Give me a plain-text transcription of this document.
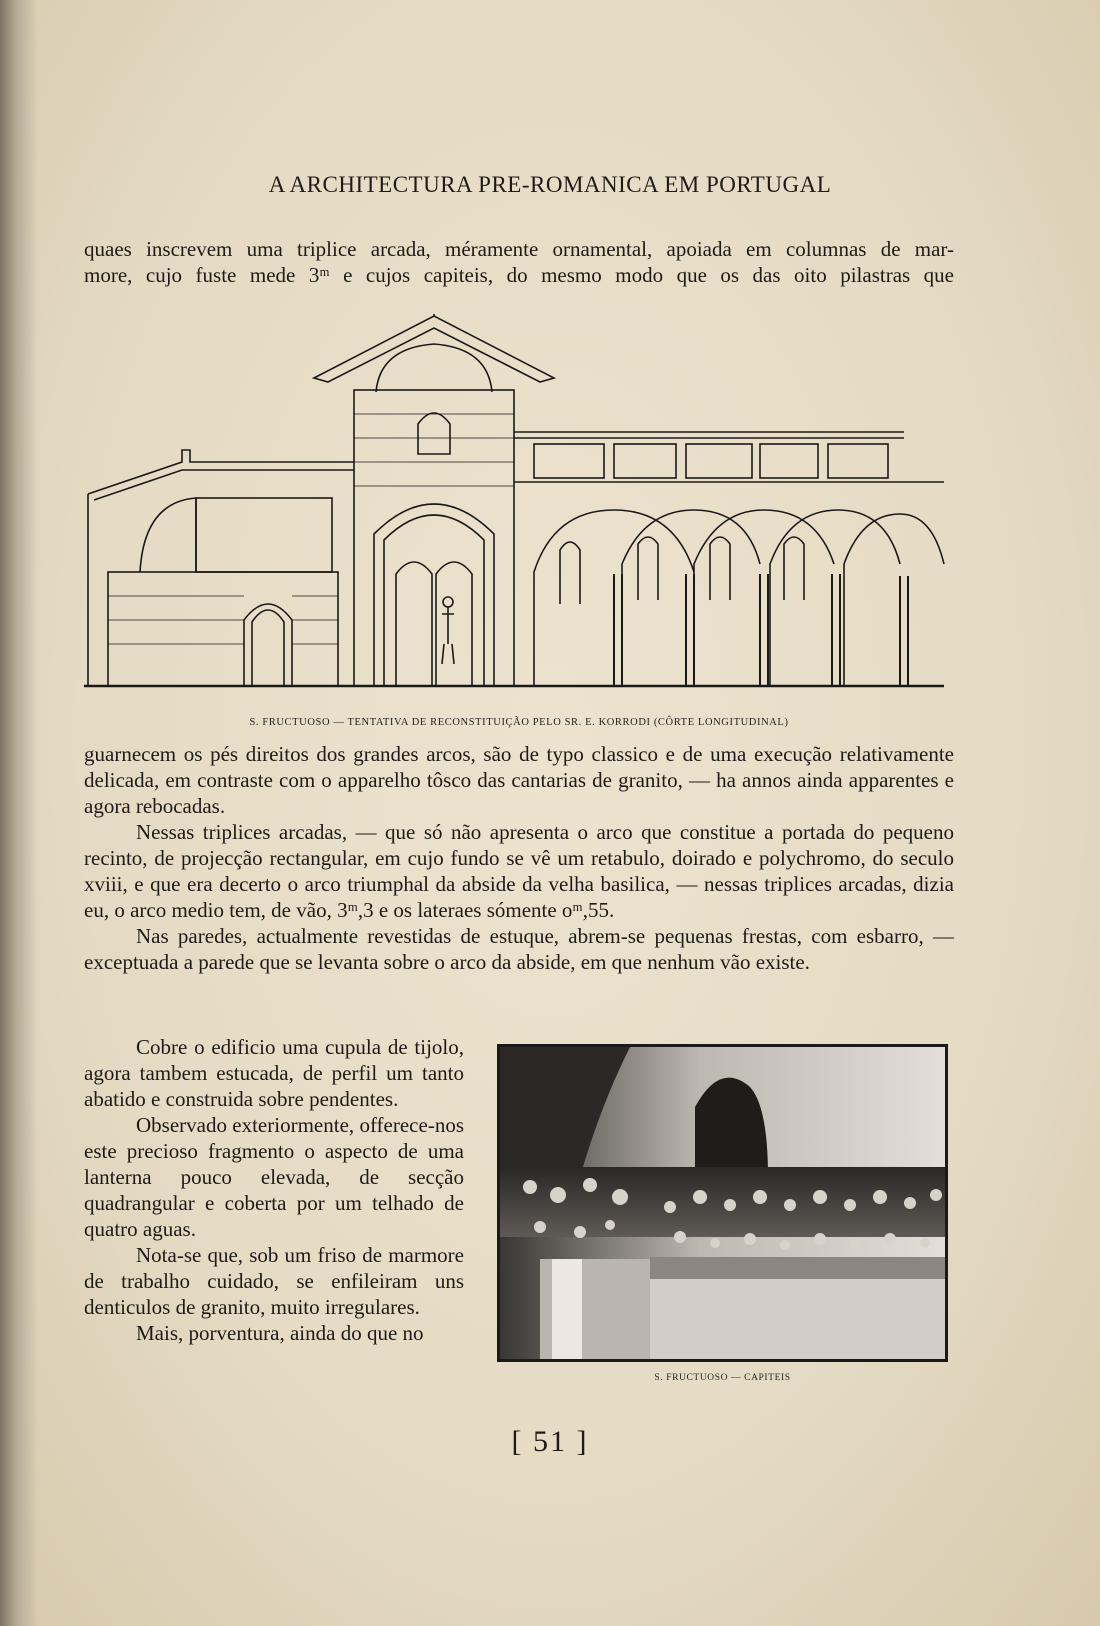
A ARCHITECTURA PRE-ROMANICA EM PORTUGAL

quaes inscrevem uma triplice arcada, méramente ornamental, apoiada em columnas de mar-

more, cujo fuste mede 3ᵐ e cujos capiteis, do mesmo modo que os das oito pilastras que

S. FRUCTUOSO — TENTATIVA DE RECONSTITUIÇÃO PELO SR. E. KORRODI (CÔRTE LONGITUDINAL)

guarnecem os pés direitos dos grandes arcos, são de typo classico e de uma execução relativamente delicada, em contraste com o apparelho tôsco das cantarias de granito, — ha annos ainda apparentes e agora rebocadas.

Nessas triplices arcadas, — que só não apresenta o arco que constitue a portada do pequeno recinto, de projecção rectangular, em cujo fundo se vê um retabulo, doirado e polychromo, do seculo xviii, e que era decerto o arco triumphal da abside da velha basilica, — nessas triplices arcadas, dizia eu, o arco medio tem, de vão, 3ᵐ,3 e os lateraes sómente oᵐ,55.

Nas paredes, actualmente revestidas de estuque, abrem-se pequenas frestas, com esbarro, — exceptuada a parede que se levanta sobre o arco da abside, em que nenhum vão existe.

Cobre o edificio uma cupula de tijolo, agora tambem estucada, de perfil um tanto abatido e construida sobre pendentes.

Observado exteriormente, offerece-nos este precioso fragmento o aspecto de uma lanterna pouco elevada, de secção quadrangular e coberta por um telhado de quatro aguas.

Nota-se que, sob um friso de marmore de trabalho cuidado, se enfileiram uns denticulos de granito, muito irregulares.

Mais, porventura, ainda do que no

S. FRUCTUOSO — CAPITEIS
[ 51 ]
